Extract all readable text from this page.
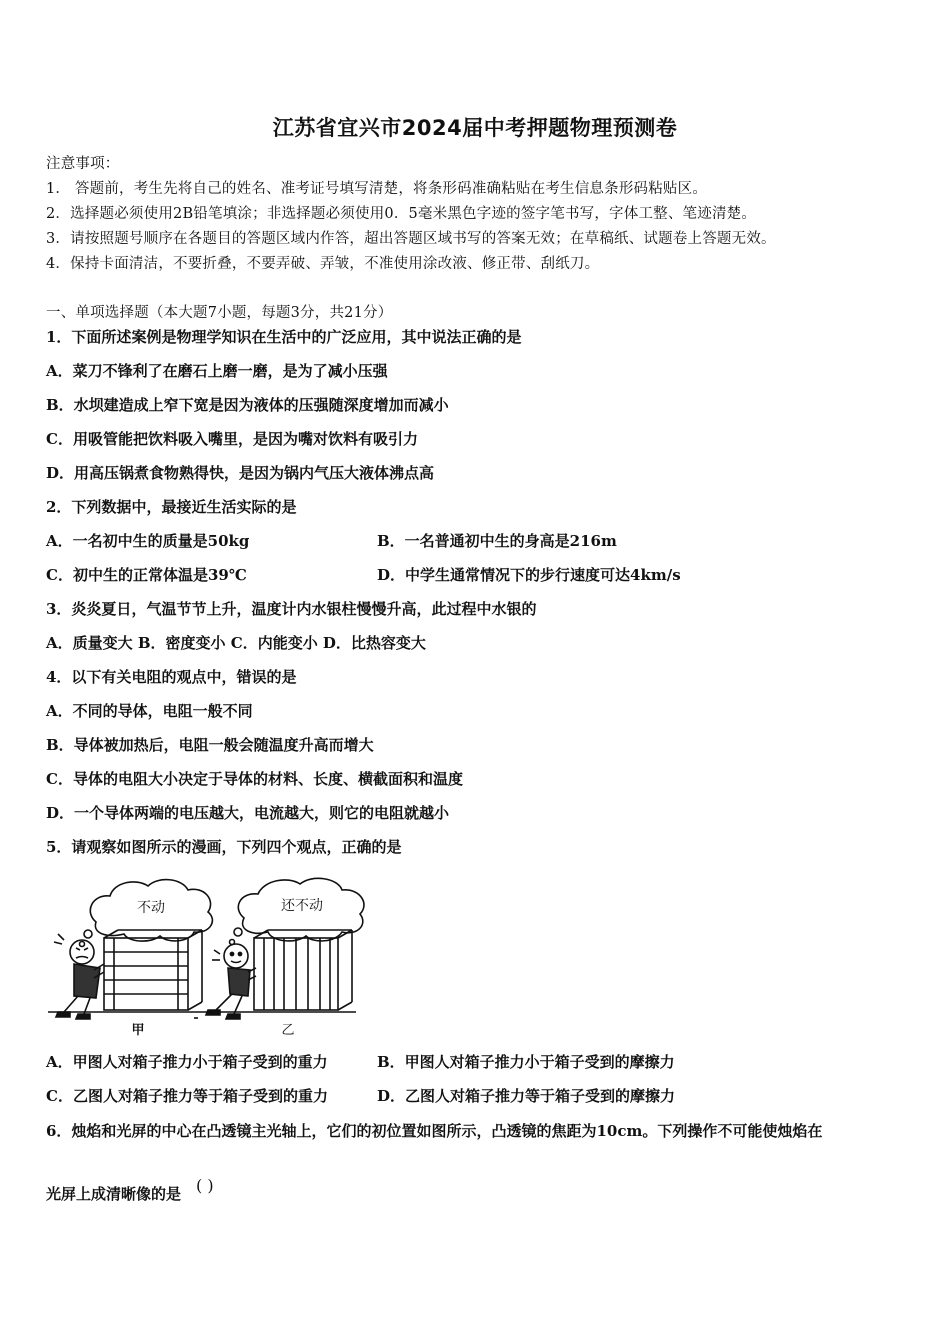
江苏省宜兴市2024届中考押题物理预测卷
注意事项：
1． 答题前，考生先将自己的姓名、准考证号填写清楚，将条形码准确粘贴在考生信息条形码粘贴区。
2．选择题必须使用2B铅笔填涂；非选择题必须使用0．5毫米黑色字迹的签字笔书写，字体工整、笔迹清楚。
3．请按照题号顺序在各题目的答题区域内作答，超出答题区域书写的答案无效；在草稿纸、试题卷上答题无效。
4．保持卡面清洁，不要折叠，不要弄破、弄皱，不准使用涂改液、修正带、刮纸刀。
一、单项选择题（本大题7小题，每题3分，共21分）
1．下面所述案例是物理学知识在生活中的广泛应用，其中说法正确的是
A．菜刀不锋利了在磨石上磨一磨，是为了减小压强
B．水坝建造成上窄下宽是因为液体的压强随深度增加而减小
C．用吸管能把饮料吸入嘴里，是因为嘴对饮料有吸引力
D．用高压锅煮食物熟得快，是因为锅内气压大液体沸点高
2．下列数据中，最接近生活实际的是
A．一名初中生的质量是50kg	B．一名普通初中生的身高是216m
C．初中生的正常体温是39℃	D．中学生通常情况下的步行速度可达4km/s
3．炎炎夏日，气温节节上升，温度计内水银柱慢慢升高，此过程中水银的
A．质量变大 B．密度变小 C．内能变小 D．比热容变大
4．以下有关电阻的观点中，错误的是
A．不同的导体，电阻一般不同
B．导体被加热后，电阻一般会随温度升高而增大
C．导体的电阻大小决定于导体的材料、长度、横截面积和温度
D．一个导体两端的电压越大，电流越大，则它的电阻就越小
5．请观察如图所示的漫画，下列四个观点，正确的是
不动	还不动
甲	乙
A．甲图人对箱子推力小于箱子受到的重力	B．甲图人对箱子推力小于箱子受到的摩擦力
C．乙图人对箱子推力等于箱子受到的重力	D．乙图人对箱子推力等于箱子受到的摩擦力
6．烛焰和光屏的中心在凸透镜主光轴上，它们的初位置如图所示，凸透镜的焦距为10cm。下列操作不可能使烛焰在
光屏上成清晰像的是 ( )
